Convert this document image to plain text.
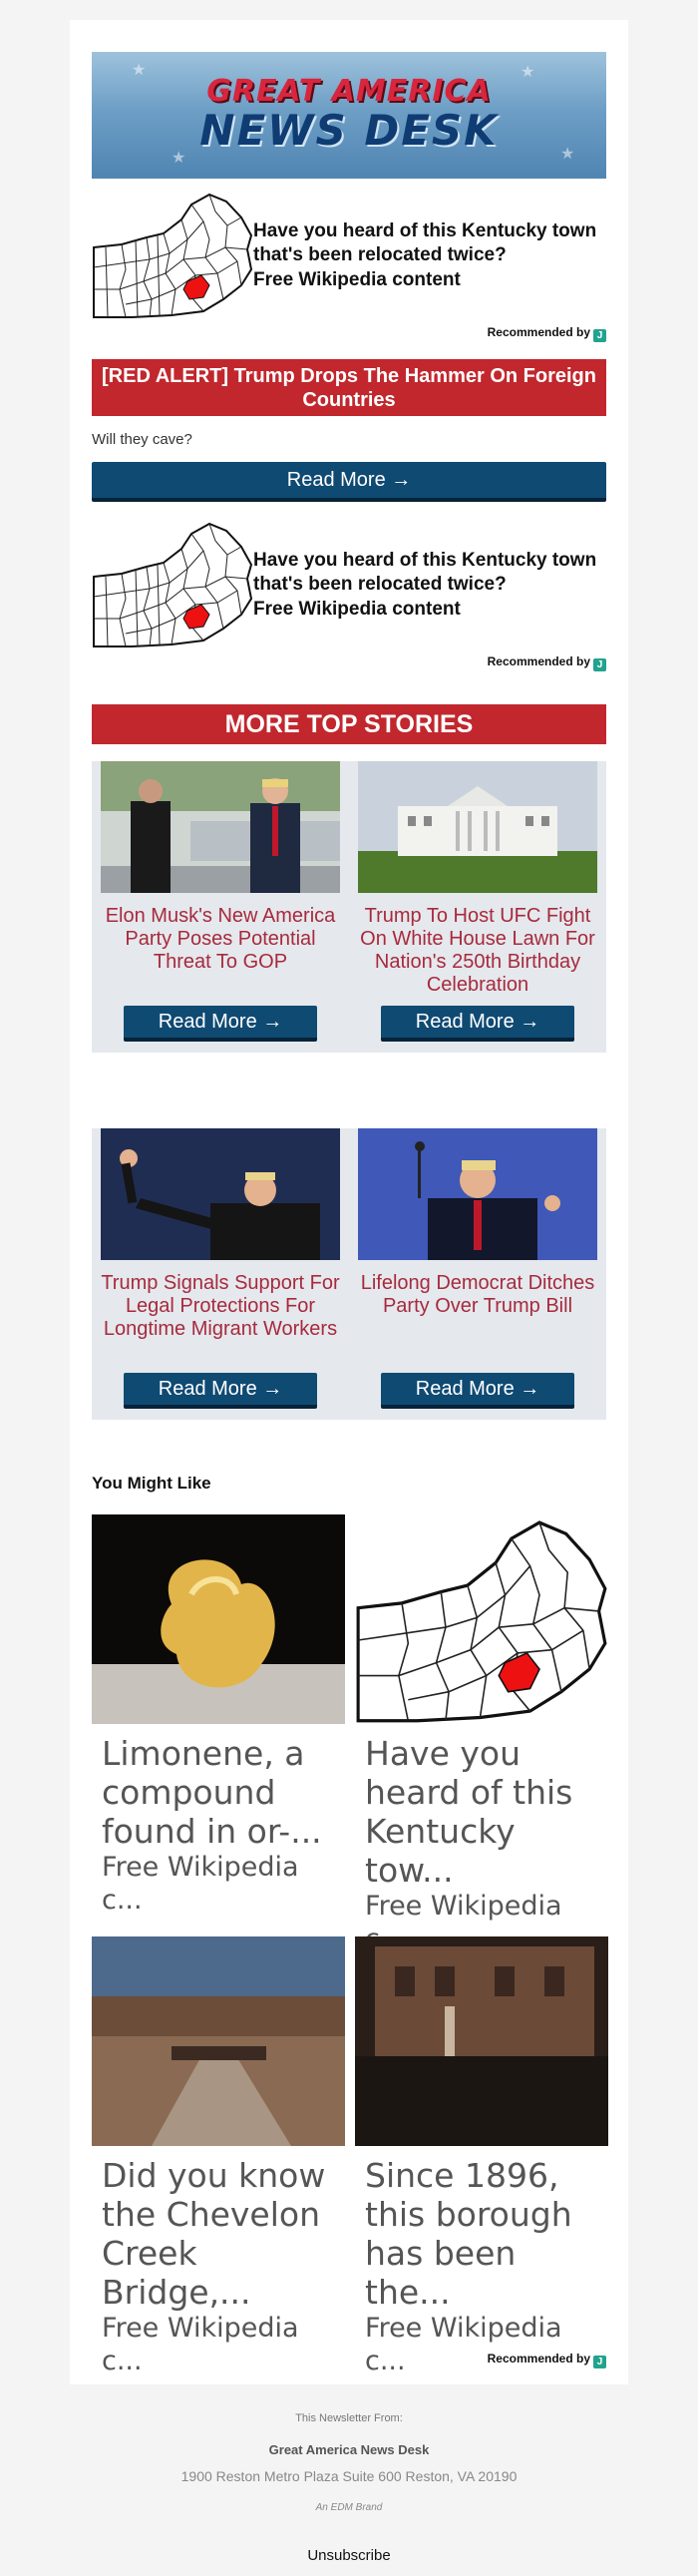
★	★
★	★
GREAT AMERICA
NEWS DESK
Have you heard of this Kentucky town that's been relocated twice?
Free Wikipedia content
Recommended by J
[RED ALERT] Trump Drops The Hammer On Foreign Countries
Will they cave?
Read More →
Have you heard of this Kentucky town that's been relocated twice?
Free Wikipedia content
Recommended by J
MORE TOP STORIES
Elon Musk's New America Party Poses Potential Threat To GOP
Trump To Host UFC Fight On White House Lawn For Nation's 250th Birthday Celebration
Read More →	Read More →
Trump Signals Support For Legal Protections For Longtime Migrant Workers
Lifelong Democrat Ditches Party Over Trump Bill
Read More →	Read More →
You Might Like
Limonene, a compound found in or-...
Free Wikipedia c...
Have you heard of this Kentucky tow...
Free Wikipedia
Did you know the Chevelon Creek Bridge,...
Free Wikipedia c...
Since 1896, this borough has been the...
Free Wikipedia c...	Recommended by J
This Newsletter From:
Great America News Desk
1900 Reston Metro Plaza Suite 600 Reston, VA 20190
An EDM Brand
Unsubscribe
